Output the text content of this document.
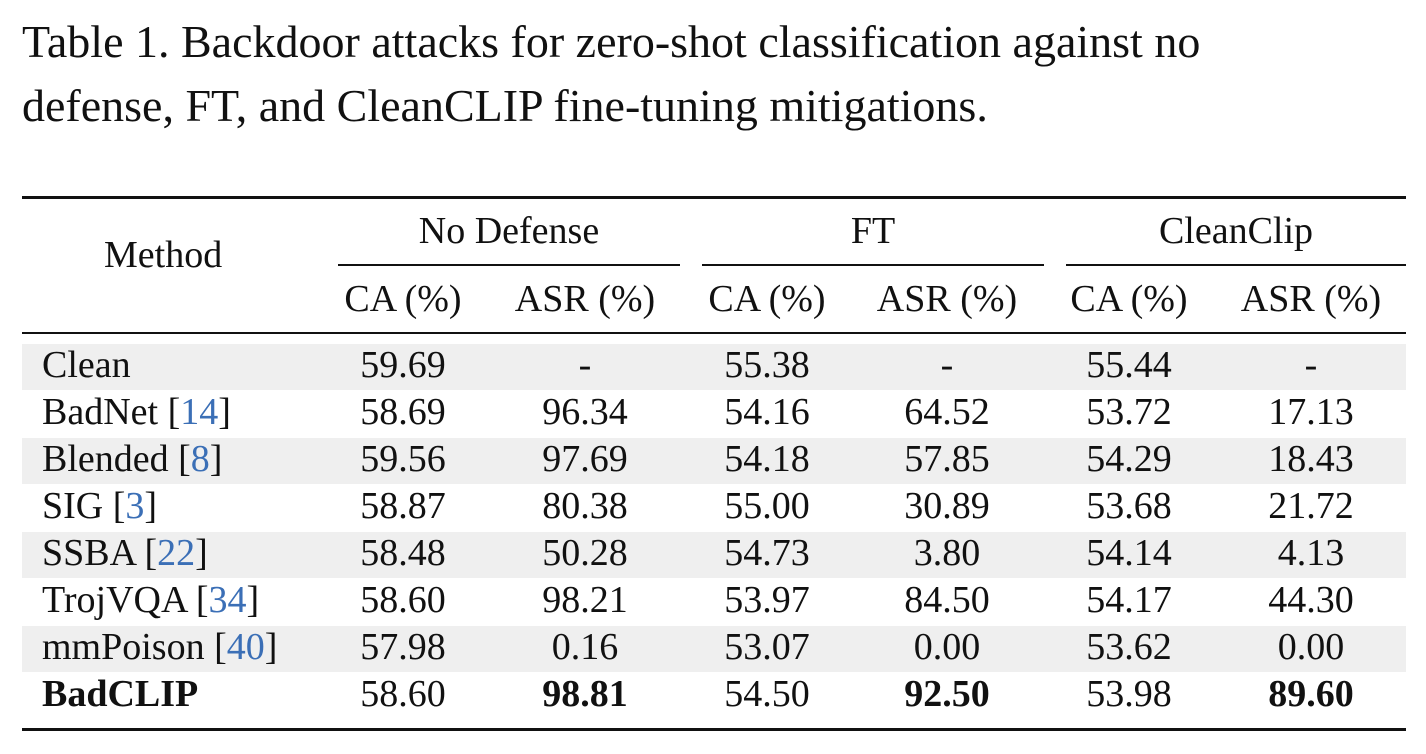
Table 1. Backdoor attacks for zero-shot classification against no
defense, FT, and CleanCLIP fine-tuning mitigations.
Method
No Defense	FT	CleanClip
CA (%)	ASR (%)	CA (%)	ASR (%)	CA (%)	ASR (%)
Clean	59.69	-	55.38	-	55.44	-
BadNet [14]	58.69	96.34	54.16	64.52	53.72	17.13
Blended [8]	59.56	97.69	54.18	57.85	54.29	18.43
SIG [3]	58.87	80.38	55.00	30.89	53.68	21.72
SSBA [22]	58.48	50.28	54.73	3.80	54.14	4.13
TrojVQA [34]	58.60	98.21	53.97	84.50	54.17	44.30
mmPoison [40]	57.98	0.16	53.07	0.00	53.62	0.00
BadCLIP	58.60	98.81	54.50	92.50	53.98	89.60
